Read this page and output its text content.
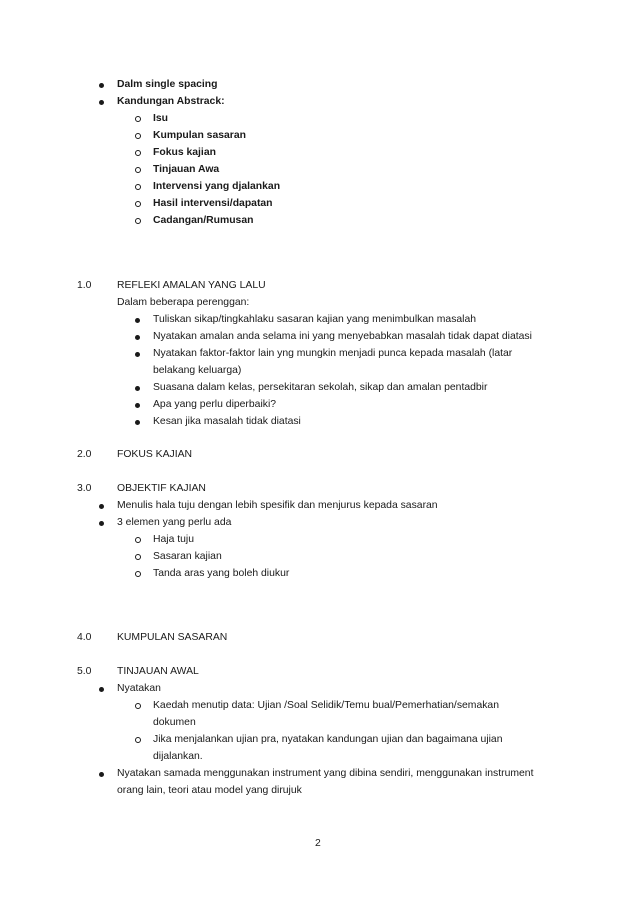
Dalm single spacing
Kandungan Abstrack:
Isu
Kumpulan sasaran
Fokus kajian
Tinjauan Awa
Intervensi yang djalankan
Hasil intervensi/dapatan
Cadangan/Rumusan
1.0 REFLEKI AMALAN YANG LALU
Dalam beberapa perenggan:
Tuliskan sikap/tingkahlaku sasaran kajian yang menimbulkan masalah
Nyatakan amalan anda selama ini yang menyebabkan masalah tidak dapat diatasi
Nyatakan faktor-faktor lain yng mungkin menjadi punca kepada masalah (latar
belakang keluarga)
Suasana dalam kelas, persekitaran sekolah, sikap dan amalan pentadbir
Apa yang perlu diperbaiki?
Kesan jika masalah tidak diatasi
2.0 FOKUS KAJIAN
3.0 OBJEKTIF KAJIAN
Menulis hala tuju dengan lebih spesifik dan menjurus kepada sasaran
3 elemen yang perlu ada
Haja tuju
Sasaran kajian
Tanda aras yang boleh diukur
4.0 KUMPULAN SASARAN
5.0 TINJAUAN AWAL
Nyatakan
Kaedah menutip data: Ujian /Soal Selidik/Temu bual/Pemerhatian/semakan
dokumen
Jika menjalankan ujian pra, nyatakan kandungan ujian dan bagaimana ujian
dijalankan.
Nyatakan samada menggunakan instrument yang dibina sendiri, menggunakan instrument
orang lain, teori atau model yang dirujuk
2
